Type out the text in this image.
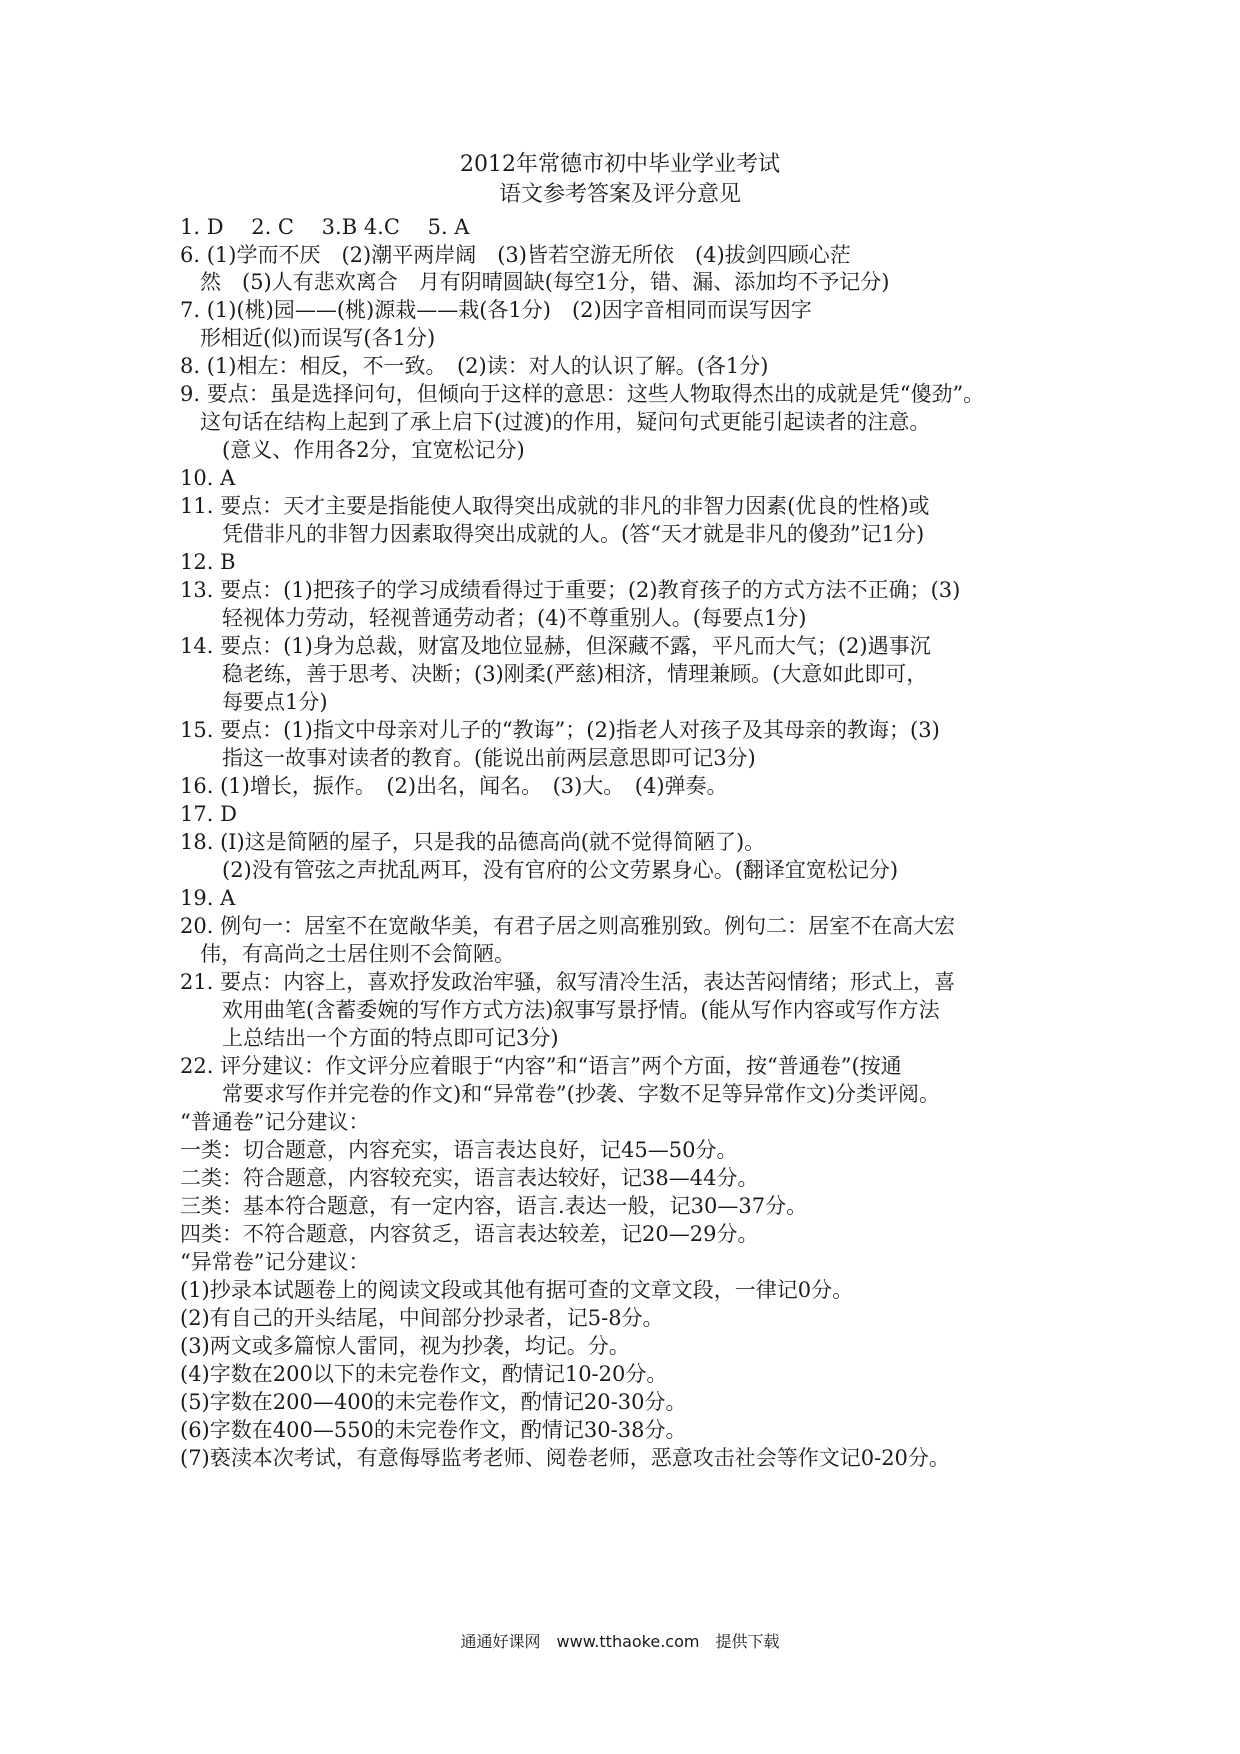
2012年常德市初中毕业学业考试
语文参考答案及评分意见
1. D　 2. C　 3.B 4.C　 5. A
6. (1)学而不厌　(2)潮平两岸阔　(3)皆若空游无所依　(4)拔剑四顾心茫
然　(5)人有悲欢离合　月有阴晴圆缺(每空1分，错、漏、添加均不予记分)
7. (1)(桃)园——(桃)源栽——栽(各1分)　(2)因字音相同而误写因字
形相近(似)而误写(各1分)
8. (1)相左：相反，不一致。　(2)读：对人的认识了解。(各1分)
9. 要点：虽是选择问句，但倾向于这样的意思：这些人物取得杰出的成就是凭“傻劲”。
这句话在结构上起到了承上启下(过渡)的作用，疑问句式更能引起读者的注意。
(意义、作用各2分，宜宽松记分)
10. A
11. 要点：天才主要是指能使人取得突出成就的非凡的非智力因素(优良的性格)或
凭借非凡的非智力因素取得突出成就的人。(答“天才就是非凡的傻劲”记1分)
12. B
13. 要点：(1)把孩子的学习成绩看得过于重要；(2)教育孩子的方式方法不正确；(3)
轻视体力劳动，轻视普通劳动者；(4)不尊重别人。(每要点1分)
14. 要点：(1)身为总裁，财富及地位显赫，但深藏不露，平凡而大气；(2)遇事沉
稳老练，善于思考、决断；(3)刚柔(严慈)相济，情理兼顾。(大意如此即可，
每要点1分)
15. 要点：(1)指文中母亲对儿子的“教诲”；(2)指老人对孩子及其母亲的教诲；(3)
指这一故事对读者的教育。(能说出前两层意思即可记3分)
16. (1)增长，振作。　(2)出名，闻名。　(3)大。　(4)弹奏。
17. D
18. (I)这是简陋的屋子，只是我的品德高尚(就不觉得简陋了)。
(2)没有管弦之声扰乱两耳，没有官府的公文劳累身心。(翻译宜宽松记分)
19. A
20. 例句一：居室不在宽敞华美，有君子居之则高雅别致。例句二：居室不在高大宏
伟，有高尚之士居住则不会简陋。
21. 要点：内容上，喜欢抒发政治牢骚，叙写清冷生活，表达苦闷情绪；形式上，喜
欢用曲笔(含蓄委婉的写作方式方法)叙事写景抒情。(能从写作内容或写作方法
上总结出一个方面的特点即可记3分)
22. 评分建议：作文评分应着眼于“内容”和“语言”两个方面，按“普通卷”(按通
常要求写作并完卷的作文)和“异常卷”(抄袭、字数不足等异常作文)分类评阅。
“普通卷”记分建议：
一类：切合题意，内容充实，语言表达良好，记45—50分。
二类：符合题意，内容较充实，语言表达较好，记38—44分。
三类：基本符合题意，有一定内容，语言.表达一般，记30—37分。
四类：不符合题意，内容贫乏，语言表达较差，记20—29分。
“异常卷”记分建议：
(1)抄录本试题卷上的阅读文段或其他有据可查的文章文段，一律记0分。
(2)有自己的开头结尾，中间部分抄录者，记5-8分。
(3)两文或多篇惊人雷同，视为抄袭，均记。分。
(4)字数在200以下的未完卷作文，酌情记10-20分。
(5)字数在200—400的未完卷作文，酌情记20-30分。
(6)字数在400—550的未完卷作文，酌情记30-38分。
(7)亵渎本次考试，有意侮辱监考老师、阅卷老师，恶意攻击社会等作文记0-20分。
通通好课网　www.tthaoke.com　提供下载
